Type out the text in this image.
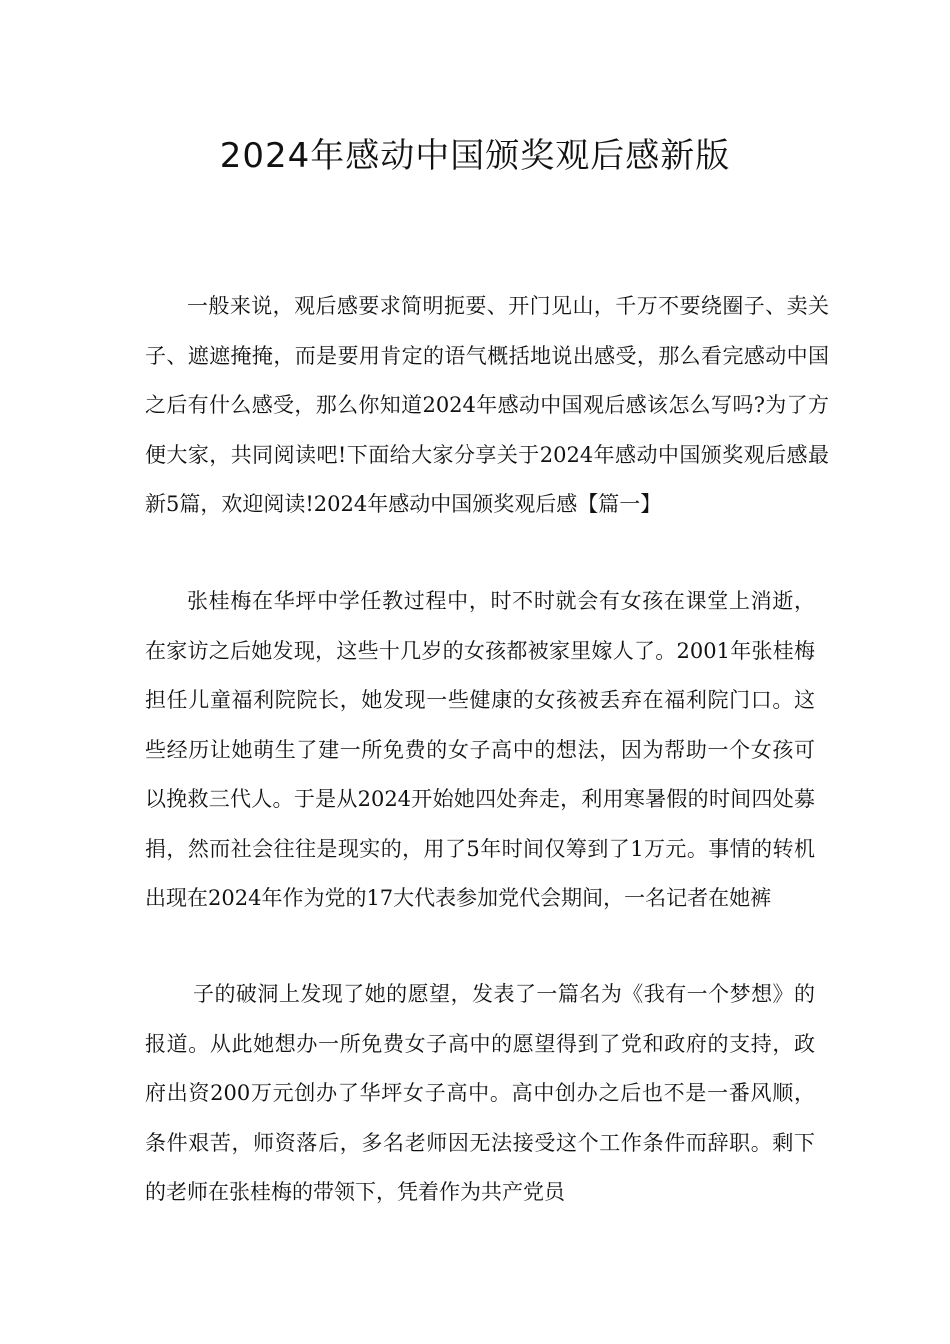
2024年感动中国颁奖观后感新版

一般来说，观后感要求简明扼要、开门见山，千万不要绕圈子、卖关子、遮遮掩掩，而是要用肯定的语气概括地说出感受，那么看完感动中国之后有什么感受，那么你知道2024年感动中国观后感该怎么写吗?为了方便大家，共同阅读吧!下面给大家分享关于2024年感动中国颁奖观后感最新5篇，欢迎阅读!2024年感动中国颁奖观后感【篇一】

张桂梅在华坪中学任教过程中，时不时就会有女孩在课堂上消逝，在家访之后她发现，这些十几岁的女孩都被家里嫁人了。2001年张桂梅担任儿童福利院院长，她发现一些健康的女孩被丢弃在福利院门口。这些经历让她萌生了建一所免费的女子高中的想法，因为帮助一个女孩可以挽救三代人。于是从2024开始她四处奔走，利用寒暑假的时间四处募捐，然而社会往往是现实的，用了5年时间仅筹到了1万元。事情的转机出现在2024年作为党的17大代表参加党代会期间，一名记者在她裤

子的破洞上发现了她的愿望，发表了一篇名为《我有一个梦想》的报道。从此她想办一所免费女子高中的愿望得到了党和政府的支持，政府出资200万元创办了华坪女子高中。高中创办之后也不是一番风顺，条件艰苦，师资落后，多名老师因无法接受这个工作条件而辞职。剩下的老师在张桂梅的带领下，凭着作为共产党员
